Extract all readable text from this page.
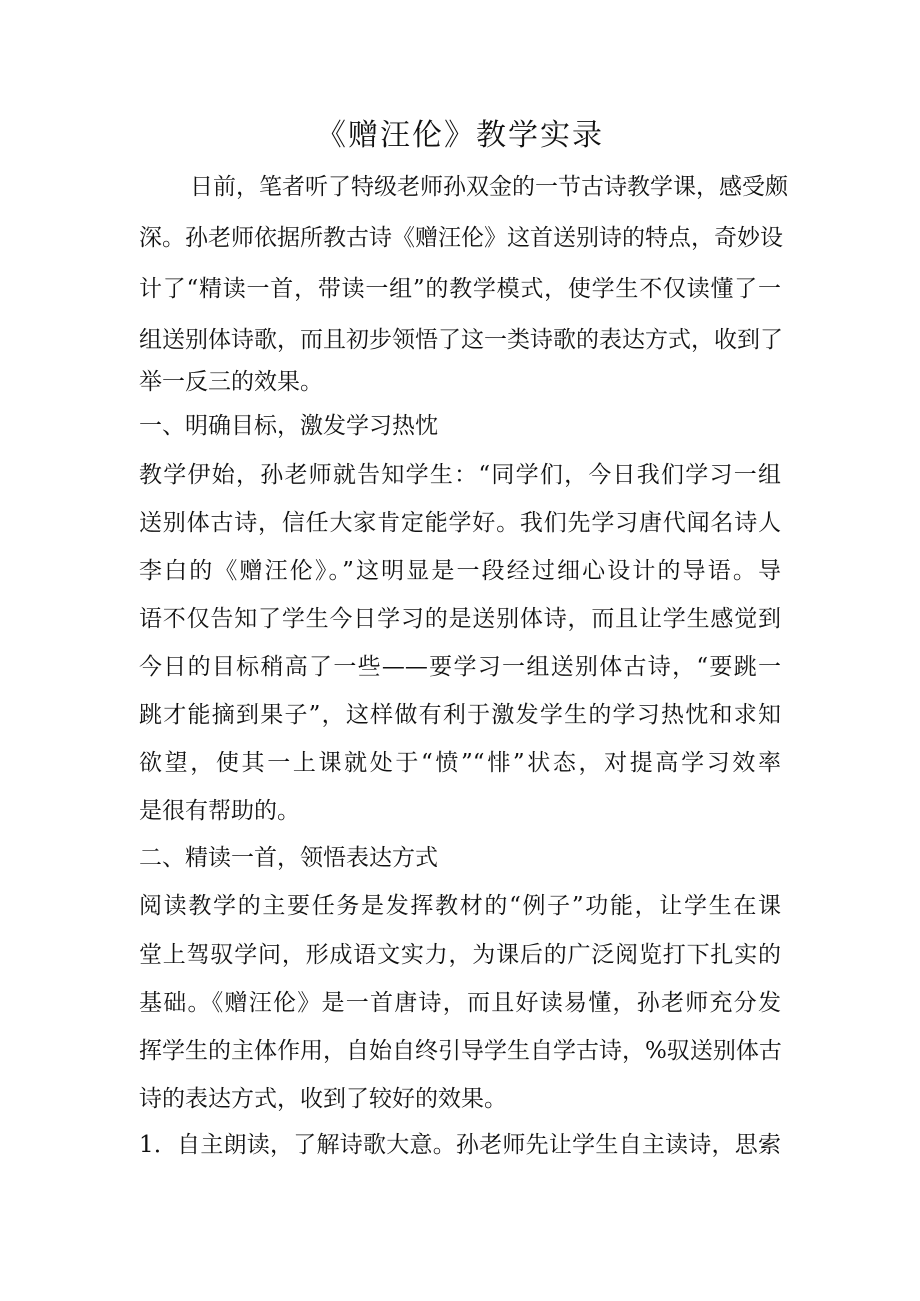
《赠汪伦》教学实录
日前，笔者听了特级老师孙双金的一节古诗教学课，感受颇
深。孙老师依据所教古诗《赠汪伦》这首送别诗的特点，奇妙设
计了“精读一首，带读一组”的教学模式，使学生不仅读懂了一
组送别体诗歌，而且初步领悟了这一类诗歌的表达方式，收到了
举一反三的效果。
一、明确目标，激发学习热忱
教学伊始，孙老师就告知学生：“同学们，今日我们学习一组
送别体古诗，信任大家肯定能学好。我们先学习唐代闻名诗人
李白的《赠汪伦》。”这明显是一段经过细心设计的导语。导
语不仅告知了学生今日学习的是送别体诗，而且让学生感觉到
今日的目标稍高了一些——要学习一组送别体古诗，“要跳一
跳才能摘到果子”，这样做有利于激发学生的学习热忱和求知
欲望，使其一上课就处于“愤”“悱”状态，对提高学习效率
是很有帮助的。
二、精读一首，领悟表达方式
阅读教学的主要任务是发挥教材的“例子”功能，让学生在课
堂上驾驭学问，形成语文实力，为课后的广泛阅览打下扎实的
基础。《赠汪伦》是一首唐诗，而且好读易懂，孙老师充分发
挥学生的主体作用，自始自终引导学生自学古诗，%驭送别体古
诗的表达方式，收到了较好的效果。
1．自主朗读，了解诗歌大意。孙老师先让学生自主读诗，思索
